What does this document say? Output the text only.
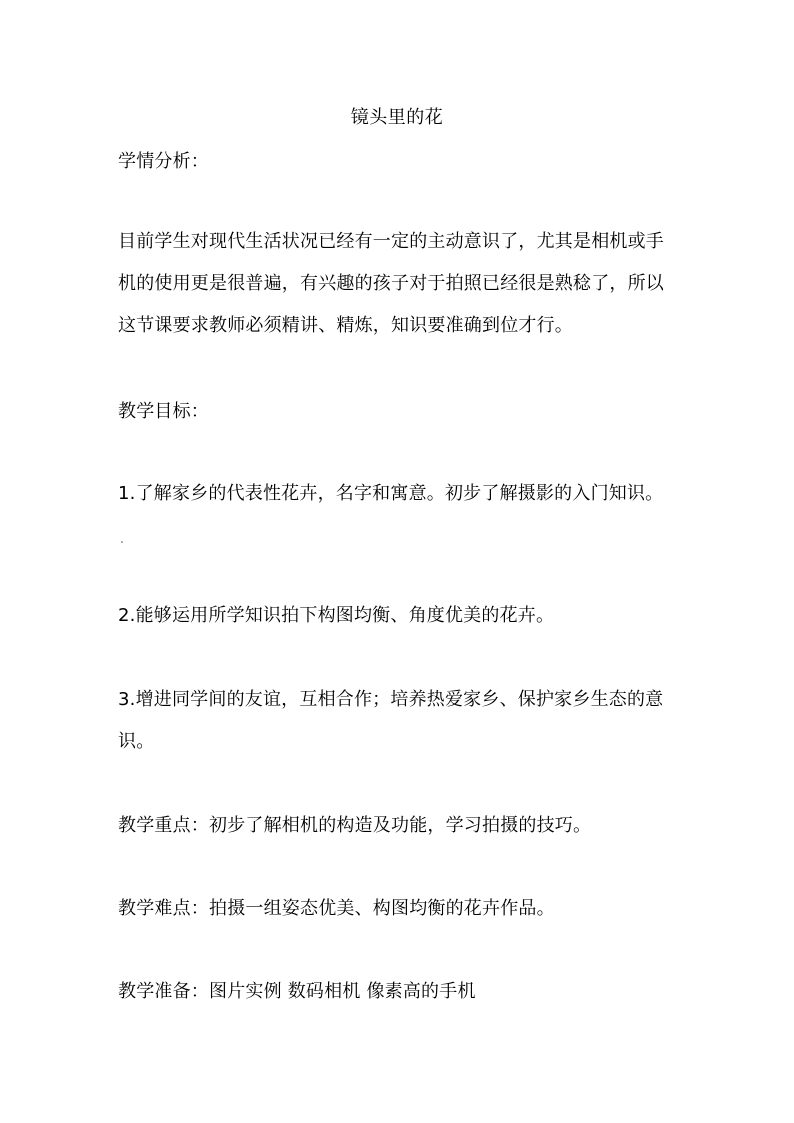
镜头里的花
学情分析：
目前学生对现代生活状况已经有一定的主动意识了，尤其是相机或手
机的使用更是很普遍，有兴趣的孩子对于拍照已经很是熟稔了，所以
这节课要求教师必须精讲、精炼，知识要准确到位才行。
教学目标：
1.了解家乡的代表性花卉，名字和寓意。初步了解摄影的入门知识。
2.能够运用所学知识拍下构图均衡、角度优美的花卉。
3.增进同学间的友谊，互相合作；培养热爱家乡、保护家乡生态的意
识。
教学重点：初步了解相机的构造及功能，学习拍摄的技巧。
教学难点：拍摄一组姿态优美、构图均衡的花卉作品。
教学准备：图片实例 数码相机 像素高的手机
